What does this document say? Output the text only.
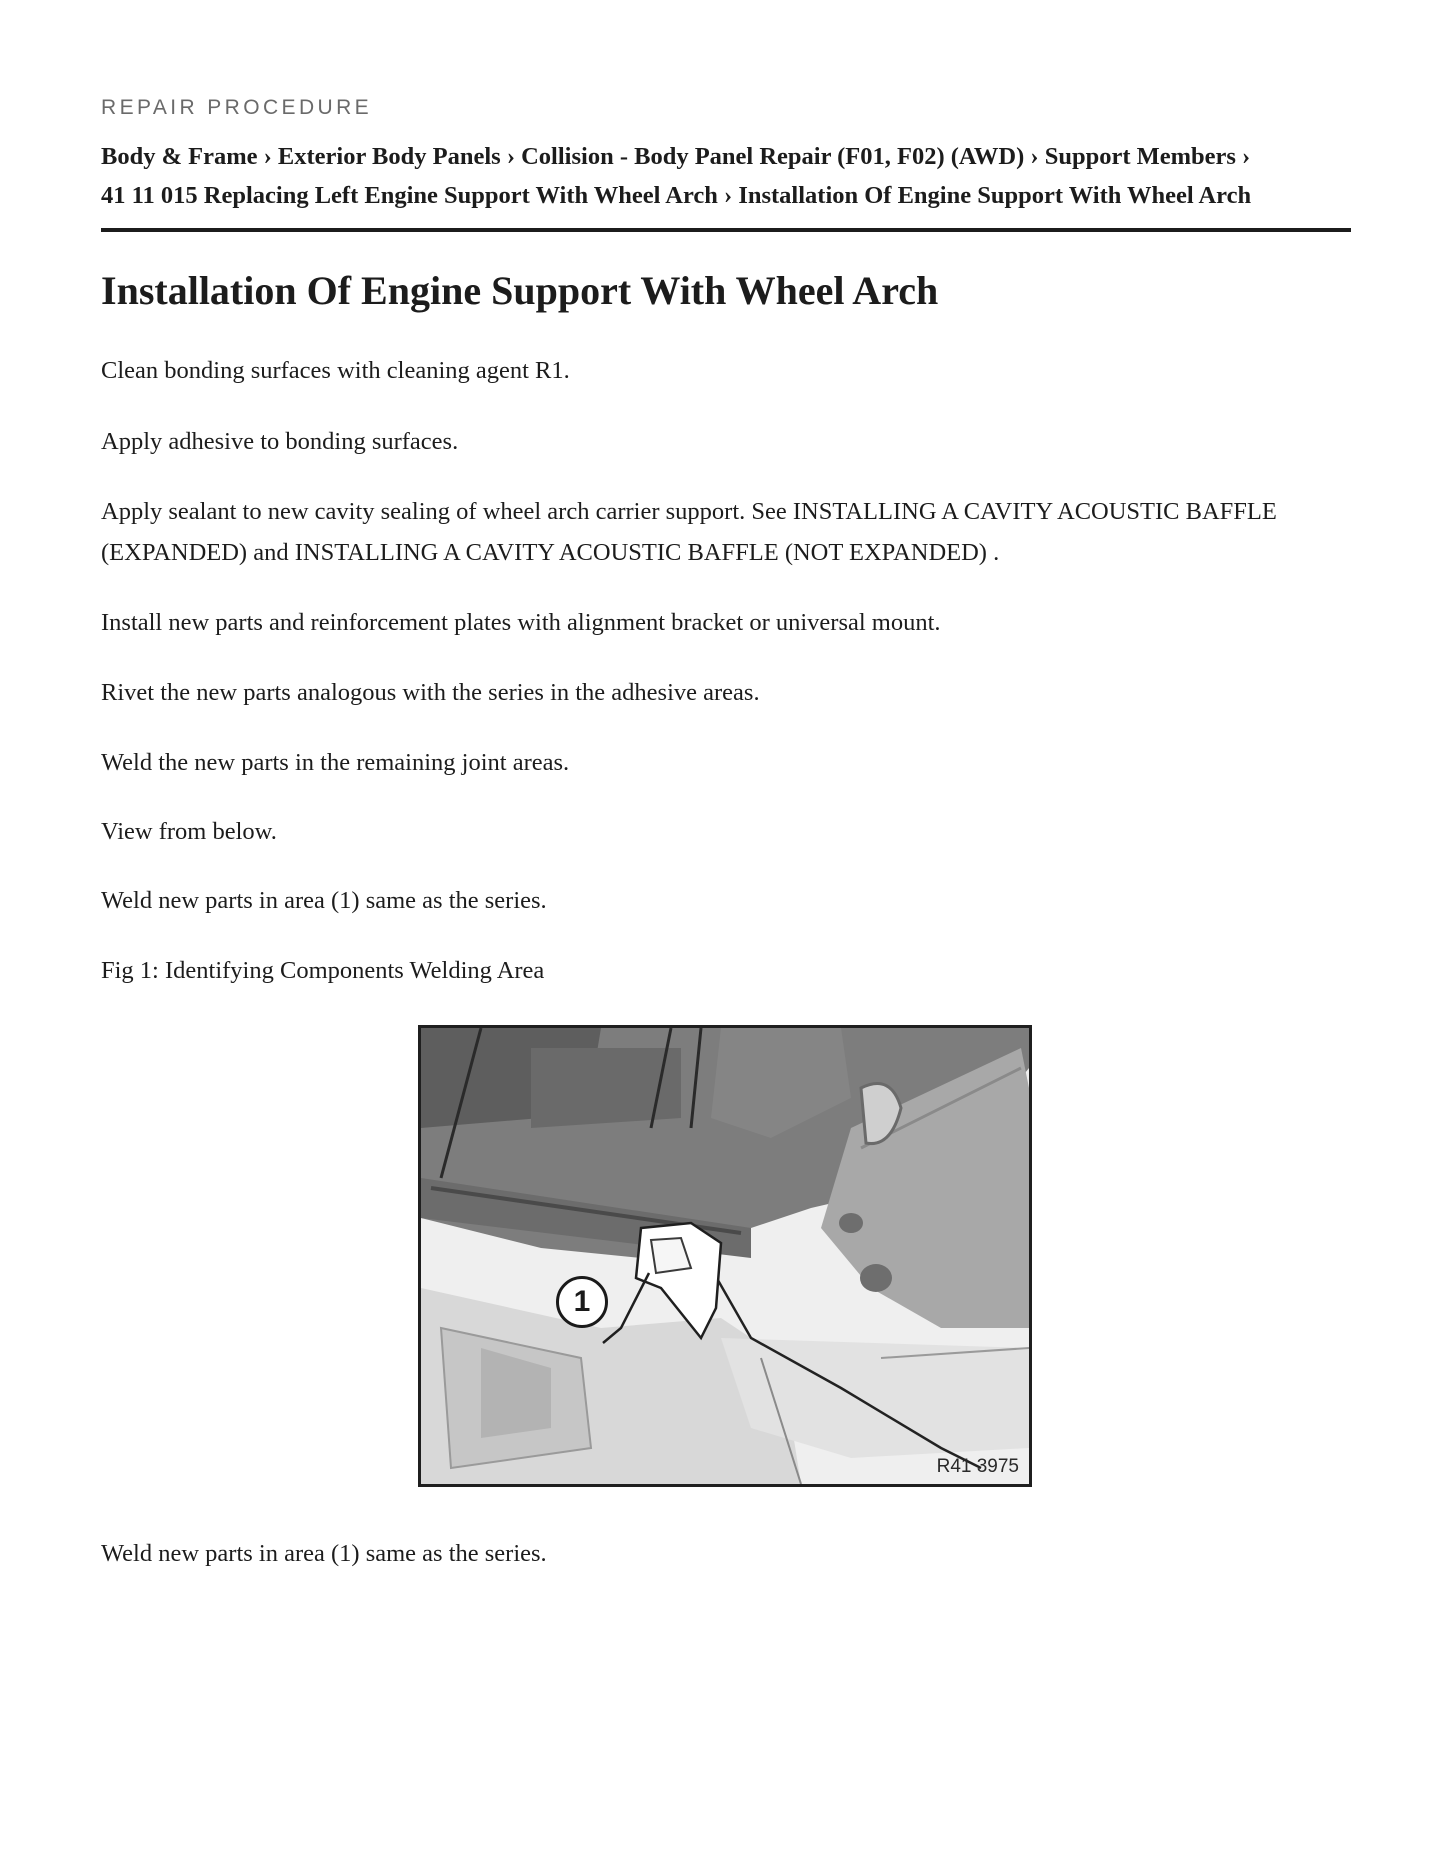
REPAIR PROCEDURE
Body & Frame › Exterior Body Panels › Collision - Body Panel Repair (F01, F02) (AWD) › Support Members ›
41 11 015 Replacing Left Engine Support With Wheel Arch › Installation Of Engine Support With Wheel Arch
Installation Of Engine Support With Wheel Arch

Clean bonding surfaces with cleaning agent R1.

Apply adhesive to bonding surfaces.

Apply sealant to new cavity sealing of wheel arch carrier support. See INSTALLING A CAVITY ACOUSTIC BAFFLE (EXPANDED) and INSTALLING A CAVITY ACOUSTIC BAFFLE (NOT EXPANDED) .

Install new parts and reinforcement plates with alignment bracket or universal mount.

Rivet the new parts analogous with the series in the adhesive areas.

Weld the new parts in the remaining joint areas.

View from below.

Weld new parts in area (1) same as the series.

Fig 1: Identifying Components Welding Area

1
R41 3975

Weld new parts in area (1) same as the series.
